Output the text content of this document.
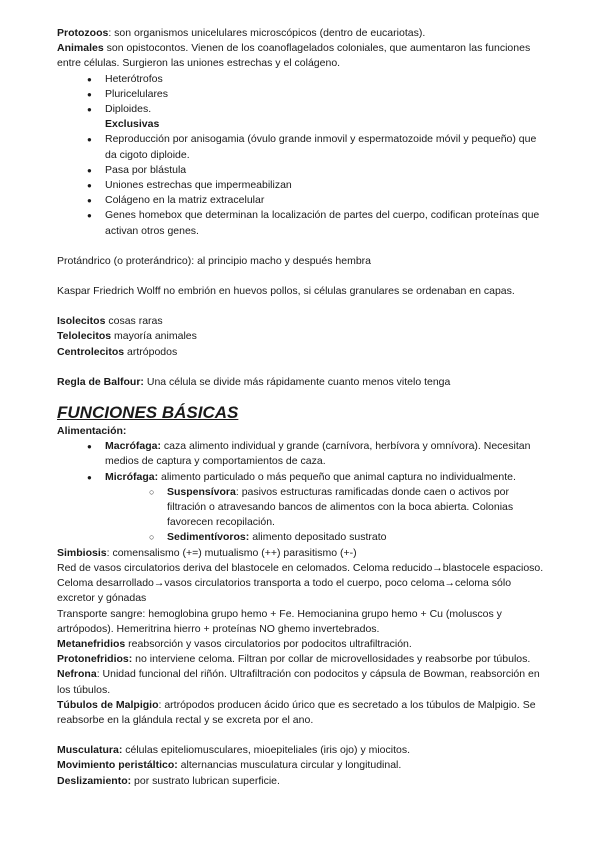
Protozoos: son organismos unicelulares microscópicos (dentro de eucariotas).

Animales son opistocontos. Vienen de los coanoflagelados coloniales, que aumentaron las funciones entre células. Surgieron las uniones estrechas y el colágeno.

● Heterótrofos
● Pluricelulares
● Diploides.
Exclusivas
● Reproducción por anisogamia (óvulo grande inmovil y espermatozoide móvil y pequeño) que da cigoto diploide.
● Pasa por blástula
● Uniones estrechas que impermeabilizan
● Colágeno en la matriz extracelular
● Genes homebox que determinan la localización de partes del cuerpo, codifican proteínas que activan otros genes.

Protándrico (o proterándrico): al principio macho y después hembra

Kaspar Friedrich Wolff no embrión en huevos pollos, si células granulares se ordenaban en capas.

Isolecitos cosas raras

Telolecitos mayoría animales

Centrolecitos artrópodos

Regla de Balfour: Una célula se divide más rápidamente cuanto menos vitelo tenga

FUNCIONES BÁSICAS

Alimentación:

● Macrófaga: caza alimento individual y grande (carnívora, herbívora y omnívora). Necesitan medios de captura y comportamientos de caza.
● Micrófaga: alimento particulado o más pequeño que animal captura no individualmente.
○ Suspensívora: pasivos estructuras ramificadas donde caen o activos por filtración o atravesando bancos de alimentos con la boca abierta. Colonias favorecen recopilación.
○ Sedimentívoros: alimento depositado sustrato

Simbiosis: comensalismo (+=) mutualismo (++) parasitismo (+-)

Red de vasos circulatorios deriva del blastocele en celomados. Celoma reducido→blastocele espacioso. Celoma desarrollado→vasos circulatorios transporta a todo el cuerpo, poco celoma→celoma sólo excretor y gónadas

Transporte sangre: hemoglobina grupo hemo + Fe. Hemocianina grupo hemo + Cu (moluscos y artrópodos). Hemeritrina hierro + proteínas NO ghemo invertebrados.

Metanefridios reabsorción y vasos circulatorios por podocitos ultrafiltración.

Protonefridios: no interviene celoma. Filtran por collar de microvellosidades y reabsorbe por túbulos.

Nefrona: Unidad funcional del riñón. Ultrafiltración con podocitos y cápsula de Bowman, reabsorción en los túbulos.

Túbulos de Malpigio: artrópodos producen ácido úrico que es secretado a los túbulos de Malpigio. Se reabsorbe en la glándula rectal y se excreta por el ano.

Musculatura: células epiteliomusculares, mioepiteliales (iris ojo) y miocitos.

Movimiento peristáltico: alternancias musculatura circular y longitudinal.

Deslizamiento: por sustrato lubrican superficie.
